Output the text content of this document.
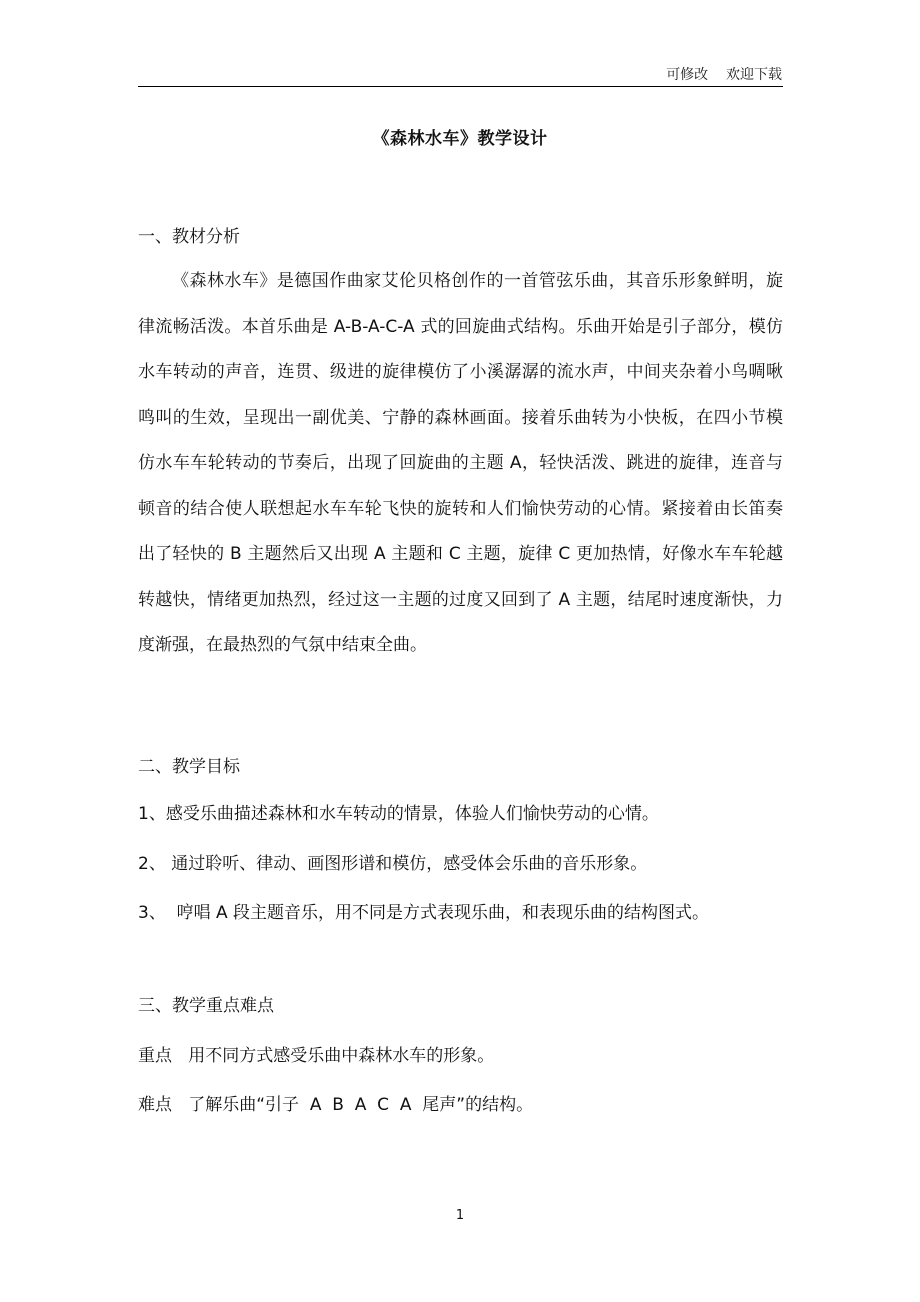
可修改    欢迎下载
《森林水车》教学设计
一、教材分析

《森林水车》是德国作曲家艾伦贝格创作的一首管弦乐曲，其音乐形象鲜明，旋律流畅活泼。本首乐曲是 A-B-A-C-A 式的回旋曲式结构。乐曲开始是引子部分，模仿水车转动的声音，连贯、级进的旋律模仿了小溪潺潺的流水声，中间夹杂着小鸟啁啾鸣叫的生效，呈现出一副优美、宁静的森林画面。接着乐曲转为小快板，在四小节模仿水车车轮转动的节奏后，出现了回旋曲的主题 A，轻快活泼、跳进的旋律，连音与顿音的结合使人联想起水车车轮飞快的旋转和人们愉快劳动的心情。紧接着由长笛奏出了轻快的 B 主题然后又出现 A 主题和 C 主题，旋律 C 更加热情，好像水车车轮越转越快，情绪更加热烈，经过这一主题的过度又回到了 A 主题，结尾时速度渐快，力度渐强，在最热烈的气氛中结束全曲。

二、教学目标
1、感受乐曲描述森林和水车转动的情景，体验人们愉快劳动的心情。
2、 通过聆听、律动、画图形谱和模仿，感受体会乐曲的音乐形象。
3、  哼唱 A 段主题音乐，用不同是方式表现乐曲，和表现乐曲的结构图式。
三、教学重点难点
重点   用不同方式感受乐曲中森林水车的形象。
难点   了解乐曲“引子  A  B  A  C  A  尾声”的结构。
1
